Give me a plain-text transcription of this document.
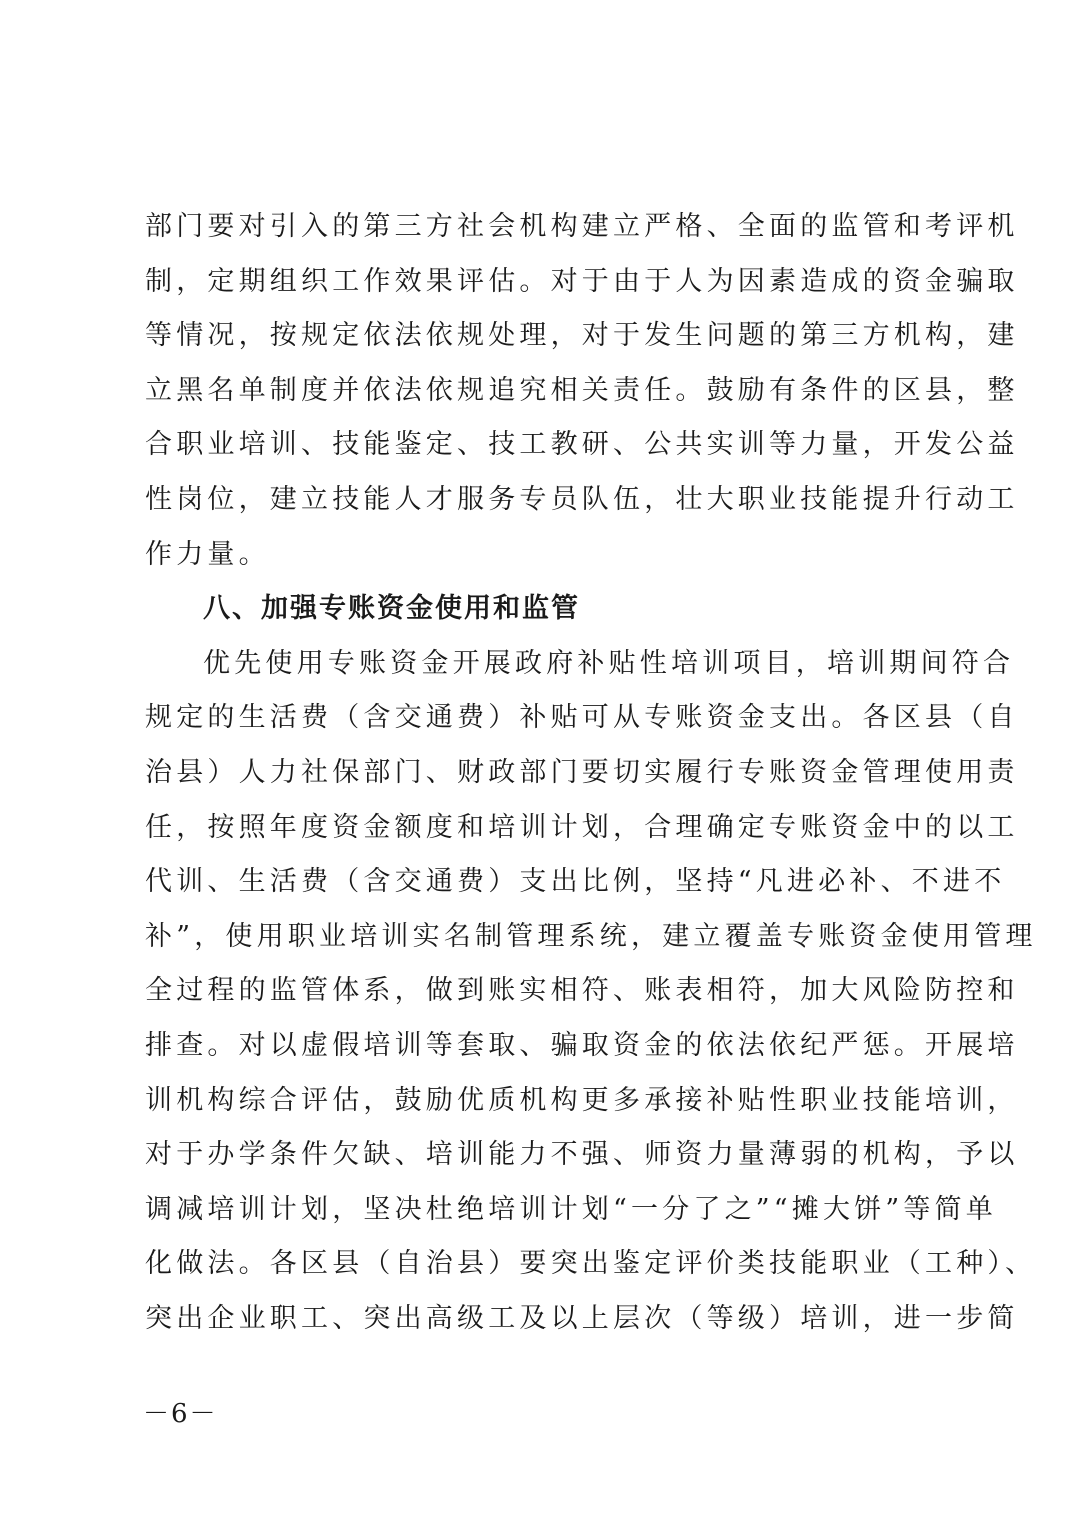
部门要对引入的第三方社会机构建立严格、全面的监管和考评机
制，定期组织工作效果评估。对于由于人为因素造成的资金骗取
等情况，按规定依法依规处理，对于发生问题的第三方机构，建
立黑名单制度并依法依规追究相关责任。鼓励有条件的区县，整
合职业培训、技能鉴定、技工教研、公共实训等力量，开发公益
性岗位，建立技能人才服务专员队伍，壮大职业技能提升行动工
作力量。
八、加强专账资金使用和监管
优先使用专账资金开展政府补贴性培训项目，培训期间符合
规定的生活费（含交通费）补贴可从专账资金支出。各区县（自
治县）人力社保部门、财政部门要切实履行专账资金管理使用责
任，按照年度资金额度和培训计划，合理确定专账资金中的以工
代训、生活费（含交通费）支出比例，坚持“凡进必补、不进不
补”，使用职业培训实名制管理系统，建立覆盖专账资金使用管理
全过程的监管体系，做到账实相符、账表相符，加大风险防控和
排查。对以虚假培训等套取、骗取资金的依法依纪严惩。开展培
训机构综合评估，鼓励优质机构更多承接补贴性职业技能培训，
对于办学条件欠缺、培训能力不强、师资力量薄弱的机构，予以
调减培训计划，坚决杜绝培训计划“一分了之”“摊大饼”等简单
化做法。各区县（自治县）要突出鉴定评价类技能职业（工种）、
突出企业职工、突出高级工及以上层次（等级）培训，进一步简
－6－
